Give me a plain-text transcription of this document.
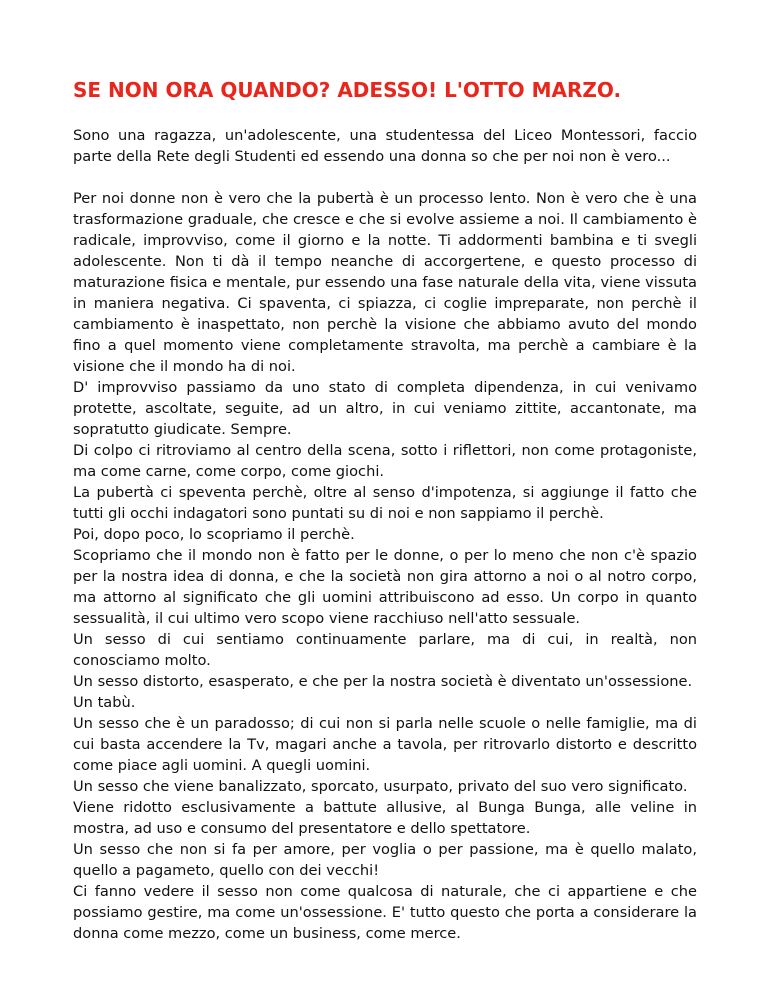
SE NON ORA QUANDO? ADESSO! L'OTTO MARZO.

Sono una ragazza, un'adolescente, una studentessa del Liceo Montessori, faccio parte della Rete degli Studenti ed essendo una donna so che per noi non è vero...

Per noi donne non è vero che la pubertà è un processo lento. Non è vero che è una trasformazione graduale, che cresce e che si evolve assieme a noi. Il cambiamento è radicale, improvviso, come il giorno e la notte. Ti addormenti bambina e ti svegli adolescente. Non ti dà il tempo neanche di accorgertene, e questo processo di maturazione fisica e mentale, pur essendo una fase naturale della vita, viene vissuta in maniera negativa. Ci spaventa, ci spiazza, ci coglie impreparate, non perchè il cambiamento è inaspettato, non perchè la visione che abbiamo avuto del mondo fino a quel momento viene completamente stravolta, ma perchè a cambiare è la visione che il mondo ha di noi.

D' improvviso passiamo da uno stato di completa dipendenza, in cui venivamo protette, ascoltate, seguite, ad un altro, in cui veniamo zittite, accantonate, ma sopratutto giudicate. Sempre.

Di colpo ci ritroviamo al centro della scena, sotto i riflettori, non come protagoniste, ma come carne, come corpo, come giochi.

La pubertà ci speventa perchè, oltre al senso d'impotenza, si aggiunge il fatto che tutti gli occhi indagatori sono puntati su di noi e non sappiamo il perchè.

Poi, dopo poco, lo scopriamo il perchè.

Scopriamo che il mondo non è fatto per le donne, o per lo meno che non c'è spazio per la nostra idea di donna, e che la società non gira attorno a noi o al notro corpo, ma attorno al significato che gli uomini attribuiscono ad esso. Un corpo in quanto sessualità, il cui ultimo vero scopo viene racchiuso nell'atto sessuale.

Un sesso di cui sentiamo continuamente parlare, ma di cui, in realtà, non conosciamo molto.

Un sesso distorto, esasperato, e che per la nostra società è diventato un'ossessione.

Un tabù.

Un sesso che è un paradosso; di cui non si parla nelle scuole o nelle famiglie, ma di cui basta accendere la Tv, magari anche a tavola, per ritrovarlo distorto e descritto come piace agli uomini. A quegli uomini.

Un sesso che viene banalizzato, sporcato, usurpato, privato del suo vero significato.

Viene ridotto esclusivamente a battute allusive, al Bunga Bunga, alle veline in mostra, ad uso e consumo del presentatore e dello spettatore.

Un sesso che non si fa per amore, per voglia o per passione, ma è quello malato, quello a pagameto, quello con dei vecchi!

Ci fanno vedere il sesso non come qualcosa di naturale, che ci appartiene e che possiamo gestire, ma come un'ossessione. E' tutto questo che porta a considerare la donna come mezzo, come un business, come merce.
